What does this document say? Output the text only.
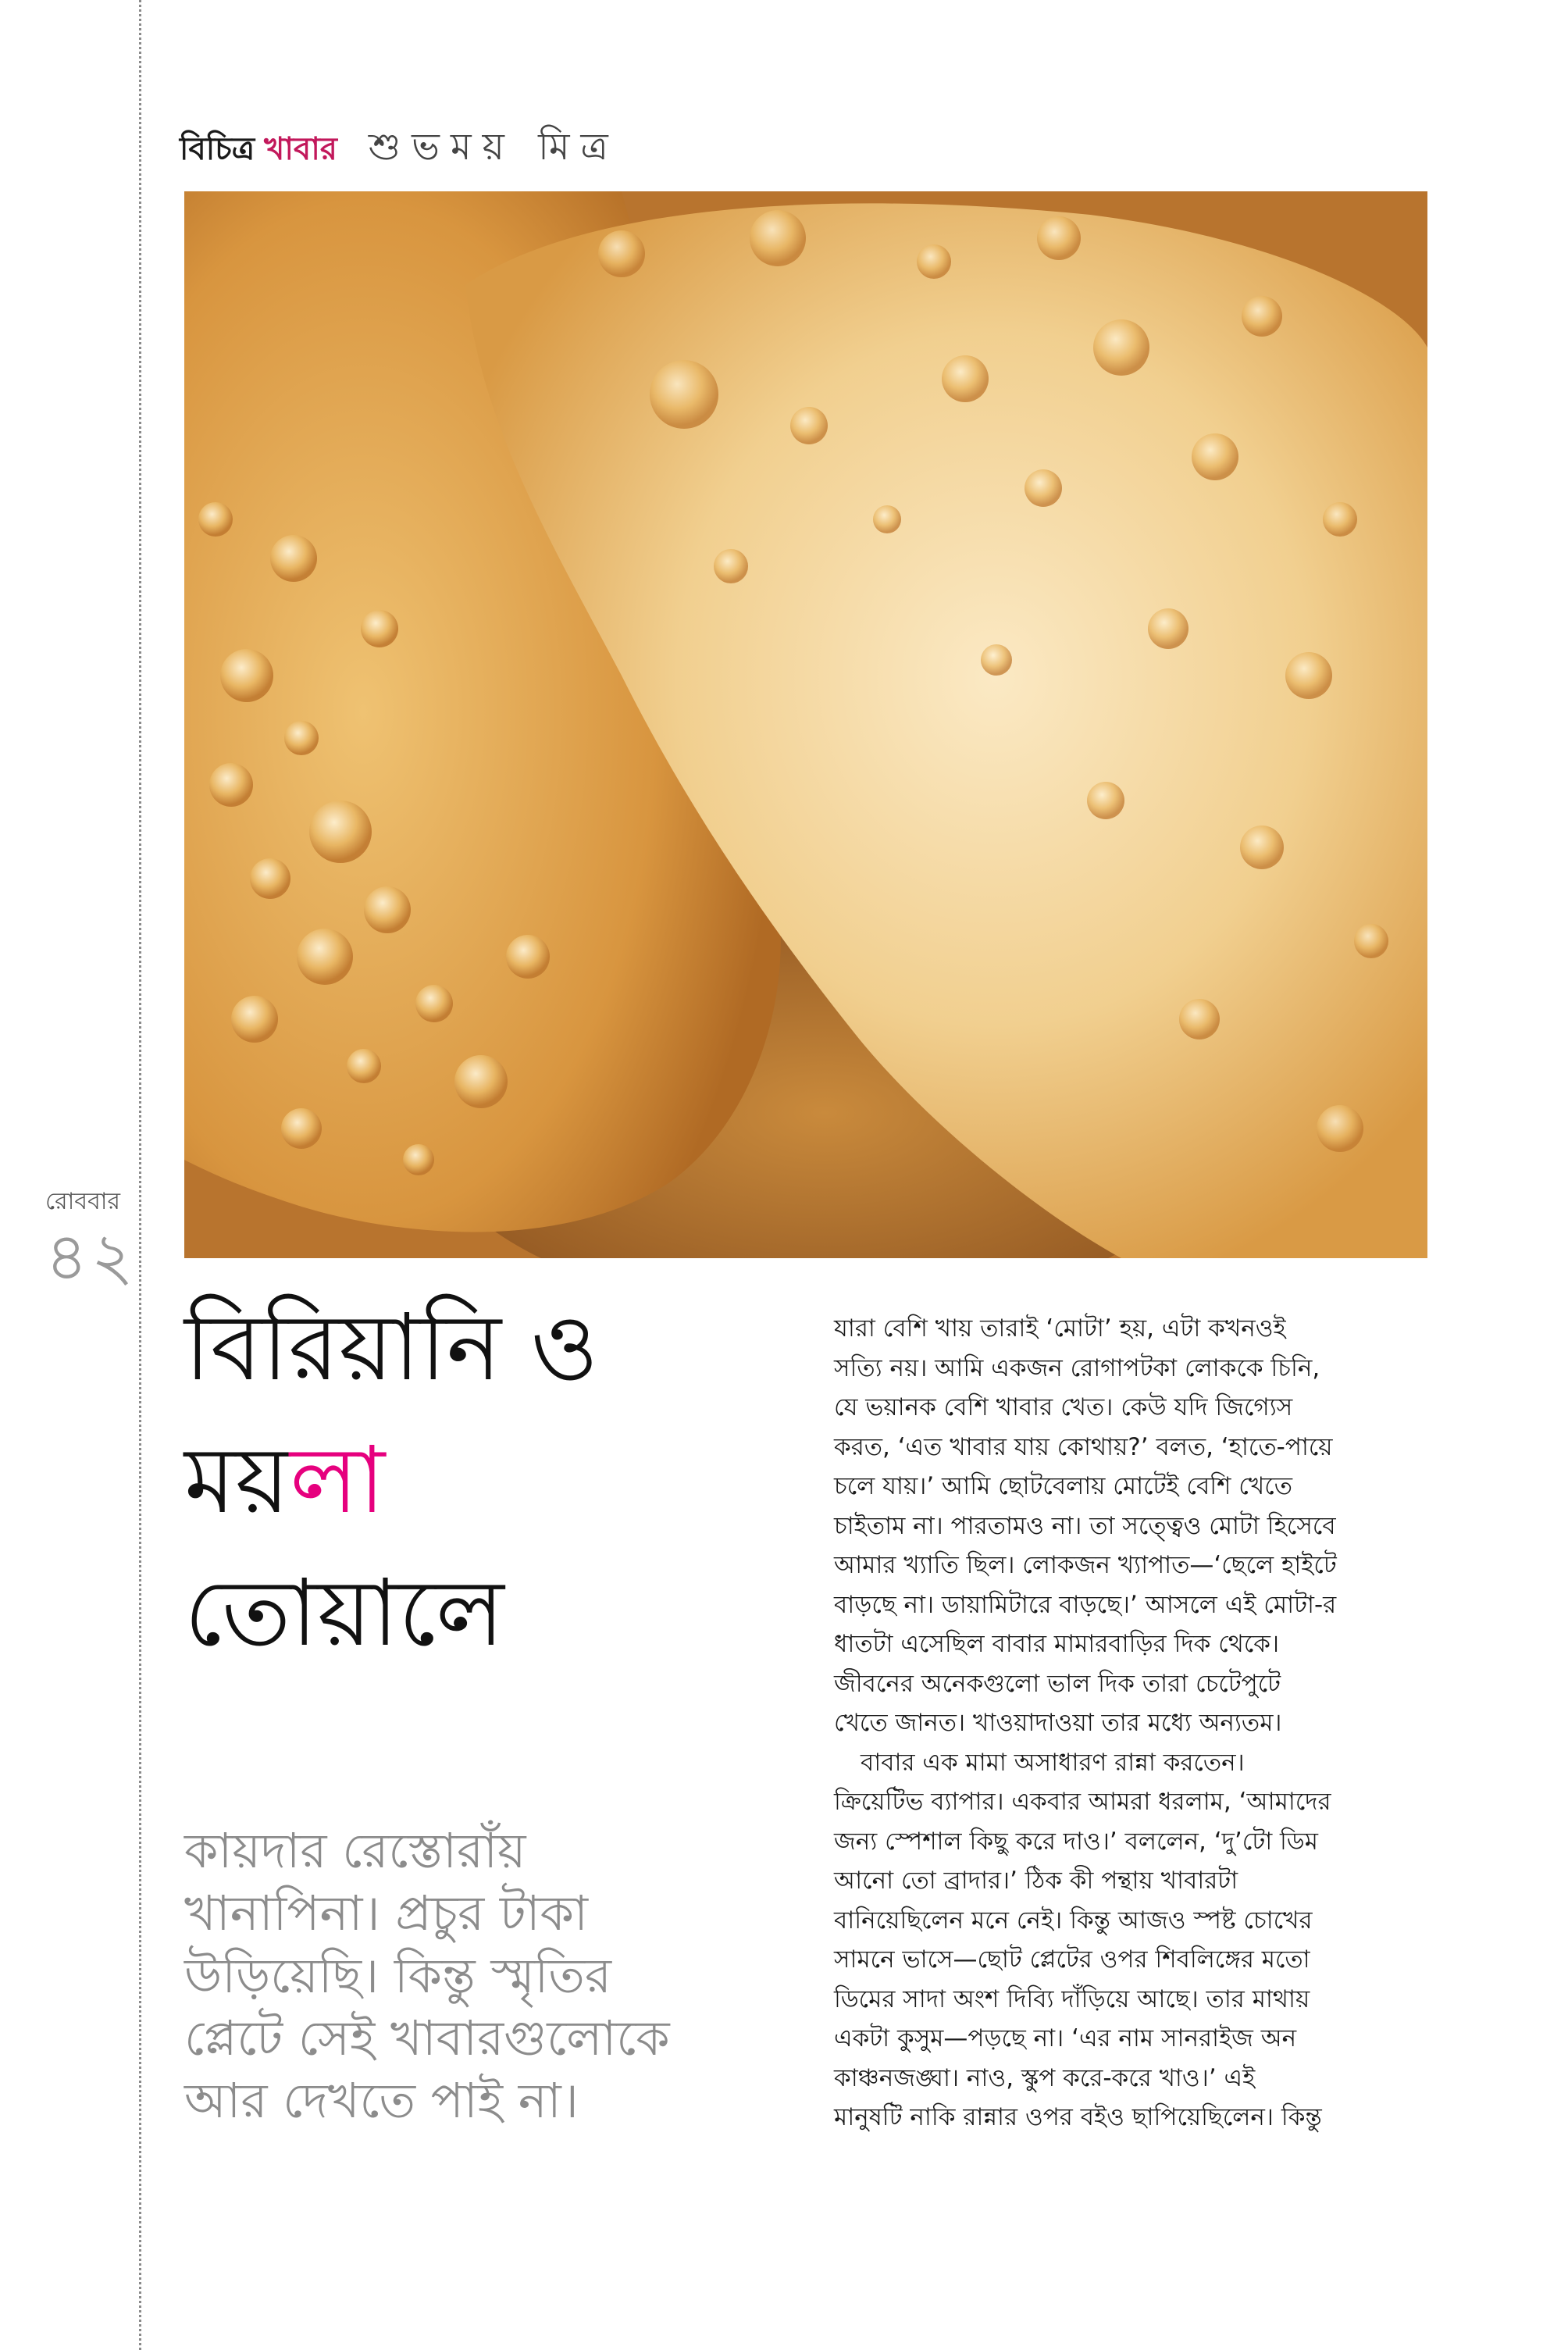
বিচিত্র খাবার শুভময় মিত্র
রোববার
৪২
বিরিয়ানি ও
ময়লা
তোয়ালে
কায়দার রেস্তোরাঁয়
খানাপিনা। প্রচুর টাকা
উড়িয়েছি। কিন্তু স্মৃতির
প্লেটে সেই খাবারগুলোকে
আর দেখতে পাই না।
যারা বেশি খায় তারাই ‘মোটা’ হয়, এটা কখনওই
সত্যি নয়। আমি একজন রোগাপটকা লোককে চিনি,
যে ভয়ানক বেশি খাবার খেত। কেউ যদি জিগ্যেস
করত, ‘এত খাবার যায় কোথায়?’ বলত, ‘হাতে-পায়ে
চলে যায়।’ আমি ছোটবেলায় মোটেই বেশি খেতে
চাইতাম না। পারতামও না। তা সত্ত্বেও মোটা হিসেবে
আমার খ্যাতি ছিল। লোকজন খ্যাপাত—‘ছেলে হাইটে
বাড়ছে না। ডায়ামিটারে বাড়ছে।’ আসলে এই মোটা-র
ধাতটা এসেছিল বাবার মামারবাড়ির দিক থেকে।
জীবনের অনেকগুলো ভাল দিক তারা চেটেপুটে
খেতে জানত। খাওয়াদাওয়া তার মধ্যে অন্যতম।
বাবার এক মামা অসাধারণ রান্না করতেন।
ক্রিয়েটিভ ব্যাপার। একবার আমরা ধরলাম, ‘আমাদের
জন্য স্পেশাল কিছু করে দাও।’ বললেন, ‘দু’টো ডিম
আনো তো ব্রাদার।’ ঠিক কী পন্থায় খাবারটা
বানিয়েছিলেন মনে নেই। কিন্তু আজও স্পষ্ট চোখের
সামনে ভাসে—ছোট প্লেটের ওপর শিবলিঙ্গের মতো
ডিমের সাদা অংশ দিব্যি দাঁড়িয়ে আছে। তার মাথায়
একটা কুসুম—পড়ছে না। ‘এর নাম সানরাইজ অন
কাঞ্চনজঙ্ঘা। নাও, স্কুপ করে-করে খাও।’ এই
মানুষটি নাকি রান্নার ওপর বইও ছাপিয়েছিলেন। কিন্তু
